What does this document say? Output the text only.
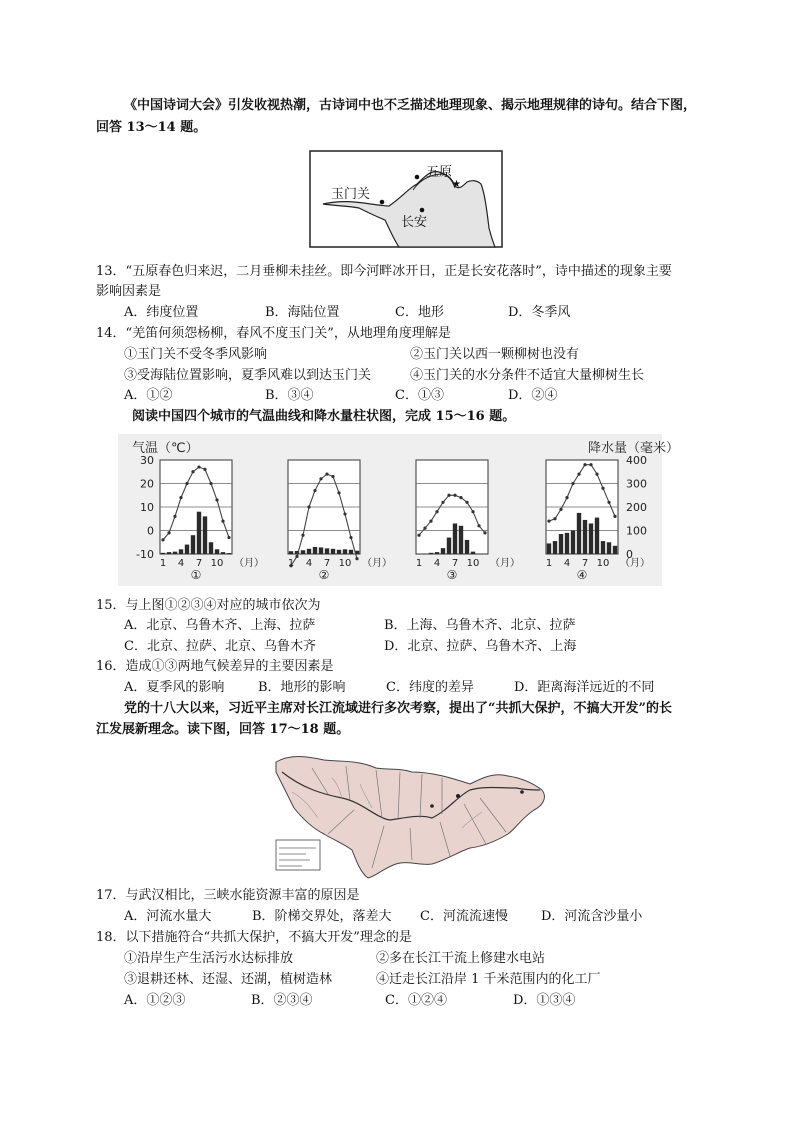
《中国诗词大会》引发收视热潮，古诗词中也不乏描述地理现象、揭示地理规律的诗句。结合下图，
回答 13～14 题。
五原
★
玉门关
长安
13．“五原春色归来迟，二月垂柳未挂丝。即今河畔冰开日，正是长安花落时”，诗中描述的现象主要
影响因素是
A．纬度位置	B．海陆位置	C．地形	D．冬季风
14．“羌笛何须怨杨柳，春风不度玉门关”，从地理角度理解是
①玉门关不受冬季风影响	②玉门关以西一颗柳树也没有
③受海陆位置影响，夏季风难以到达玉门关	④玉门关的水分条件不适宜大量柳树生长
A．①②	B．③④	C．①③	D．②④
阅读中国四个城市的气温曲线和降水量柱状图，完成 15～16 题。
气温（℃）	降水量（毫米）
30
20
10
0
-10
400
300
200
100
0
1 4 7 10 （月）
①
1 4 7 10 （月）
②
1 4 7 10 （月）
③
1 4 7 10 （月）
④
15．与上图①②③④对应的城市依次为
A．北京、乌鲁木齐、上海、拉萨	B．上海、乌鲁木齐、北京、拉萨
C．北京、拉萨、北京、乌鲁木齐	D．北京、拉萨、乌鲁木齐、上海
16．造成①③两地气候差异的主要因素是
A．夏季风的影响	B．地形的影响	C．纬度的差异	D．距离海洋远近的不同
党的十八大以来，习近平主席对长江流域进行多次考察，提出了“共抓大保护，不搞大开发”的长
江发展新理念。读下图，回答 17～18 题。
17．与武汉相比，三峡水能资源丰富的原因是
A．河流水量大	B．阶梯交界处，落差大 C．河流流速慢	D．河流含沙量小
18．以下措施符合“共抓大保护，不搞大开发”理念的是
①沿岸生产生活污水达标排放	②多在长江干流上修建水电站
③退耕还林、还湿、还湖，植树造林	④迁走长江沿岸 1 千米范围内的化工厂
A．①②③	B．②③④	C．①②④	D．①③④
